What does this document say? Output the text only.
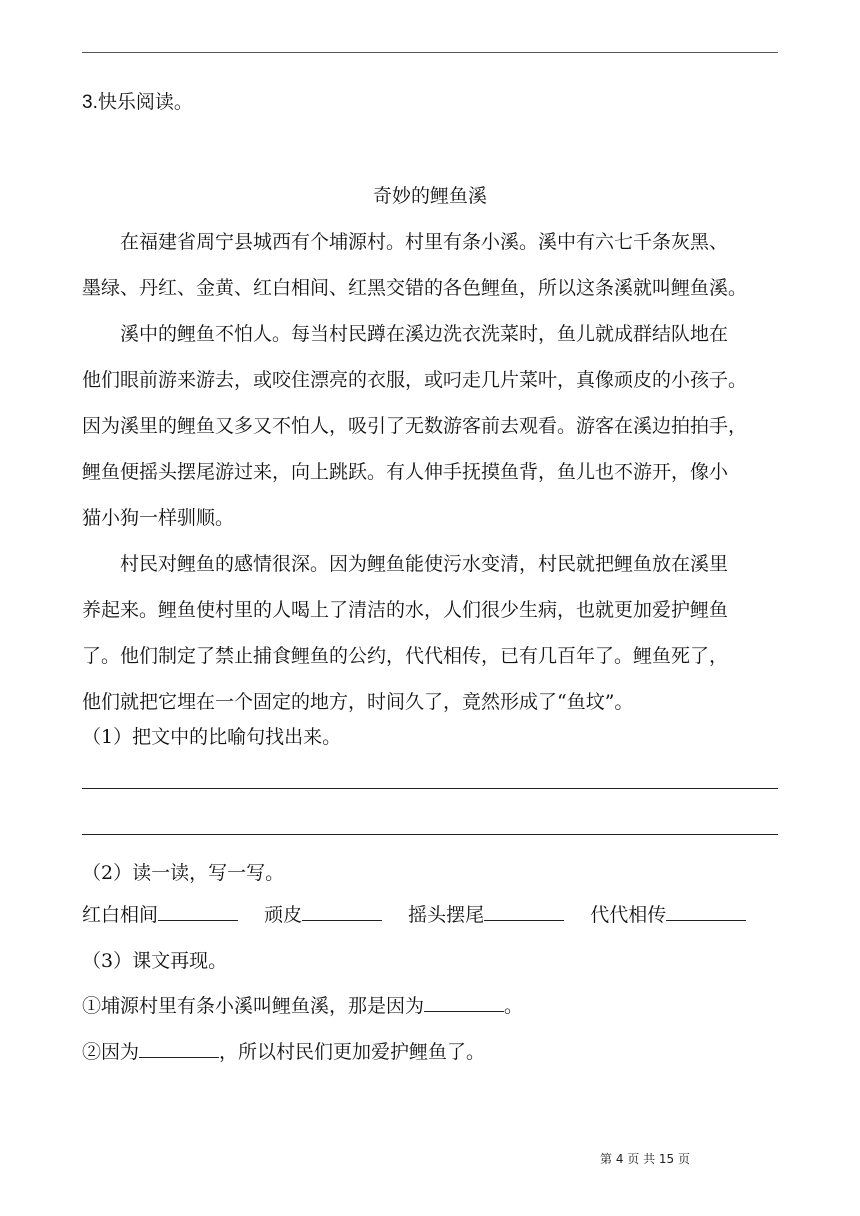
3.快乐阅读。
奇妙的鲤鱼溪

在福建省周宁县城西有个埔源村。村里有条小溪。溪中有六七千条灰黑、

墨绿、丹红、金黄、红白相间、红黑交错的各色鲤鱼，所以这条溪就叫鲤鱼溪。

溪中的鲤鱼不怕人。每当村民蹲在溪边洗衣洗菜时，鱼儿就成群结队地在

他们眼前游来游去，或咬住漂亮的衣服，或叼走几片菜叶，真像顽皮的小孩子。

因为溪里的鲤鱼又多又不怕人，吸引了无数游客前去观看。游客在溪边拍拍手，

鲤鱼便摇头摆尾游过来，向上跳跃。有人伸手抚摸鱼背，鱼儿也不游开，像小

猫小狗一样驯顺。

村民对鲤鱼的感情很深。因为鲤鱼能使污水变清，村民就把鲤鱼放在溪里

养起来。鲤鱼使村里的人喝上了清洁的水，人们很少生病，也就更加爱护鲤鱼

了。他们制定了禁止捕食鲤鱼的公约，代代相传，已有几百年了。鲤鱼死了，

他们就把它埋在一个固定的地方，时间久了，竟然形成了“鱼坟”。

（1）把文中的比喻句找出来。
（2）读一读，写一写。
红白相间	顽皮	摇头摆尾	代代相传
（3）课文再现。
①埔源村里有条小溪叫鲤鱼溪，那是因为	。
②因为	，所以村民们更加爱护鲤鱼了。
第 4 页 共 15 页
